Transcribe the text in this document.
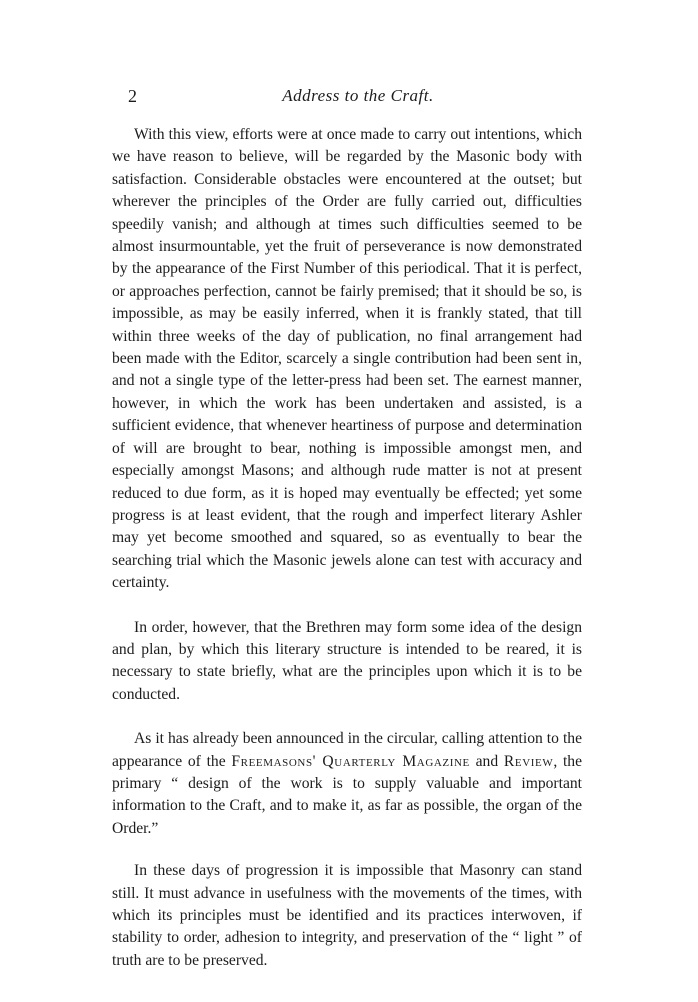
2	Address to the Craft.

With this view, efforts were at once made to carry out intentions, which we have reason to believe, will be regarded by the Masonic body with satisfaction. Considerable obstacles were encountered at the outset; but wherever the principles of the Order are fully carried out, difficulties speedily vanish; and although at times such difficulties seemed to be almost insurmountable, yet the fruit of perseverance is now demonstrated by the appearance of the First Number of this periodical. That it is perfect, or approaches perfection, cannot be fairly premised; that it should be so, is impossible, as may be easily inferred, when it is frankly stated, that till within three weeks of the day of publication, no final arrangement had been made with the Editor, scarcely a single contribution had been sent in, and not a single type of the letter-press had been set. The earnest manner, however, in which the work has been undertaken and assisted, is a sufficient evidence, that whenever heartiness of purpose and determination of will are brought to bear, nothing is impossible amongst men, and especially amongst Masons; and although rude matter is not at present reduced to due form, as it is hoped may eventually be effected; yet some progress is at least evident, that the rough and imperfect literary Ashler may yet become smoothed and squared, so as eventually to bear the searching trial which the Masonic jewels alone can test with accuracy and certainty.

In order, however, that the Brethren may form some idea of the design and plan, by which this literary structure is intended to be reared, it is necessary to state briefly, what are the principles upon which it is to be conducted.

As it has already been announced in the circular, calling attention to the appearance of the Freemasons' Quarterly Magazine and Review, the primary “ design of the work is to supply valuable and important information to the Craft, and to make it, as far as possible, the organ of the Order.”

In these days of progression it is impossible that Masonry can stand still. It must advance in usefulness with the movements of the times, with which its principles must be identified and its practices interwoven, if stability to order, adhesion to integrity, and preservation of the “ light ” of truth are to be preserved.
